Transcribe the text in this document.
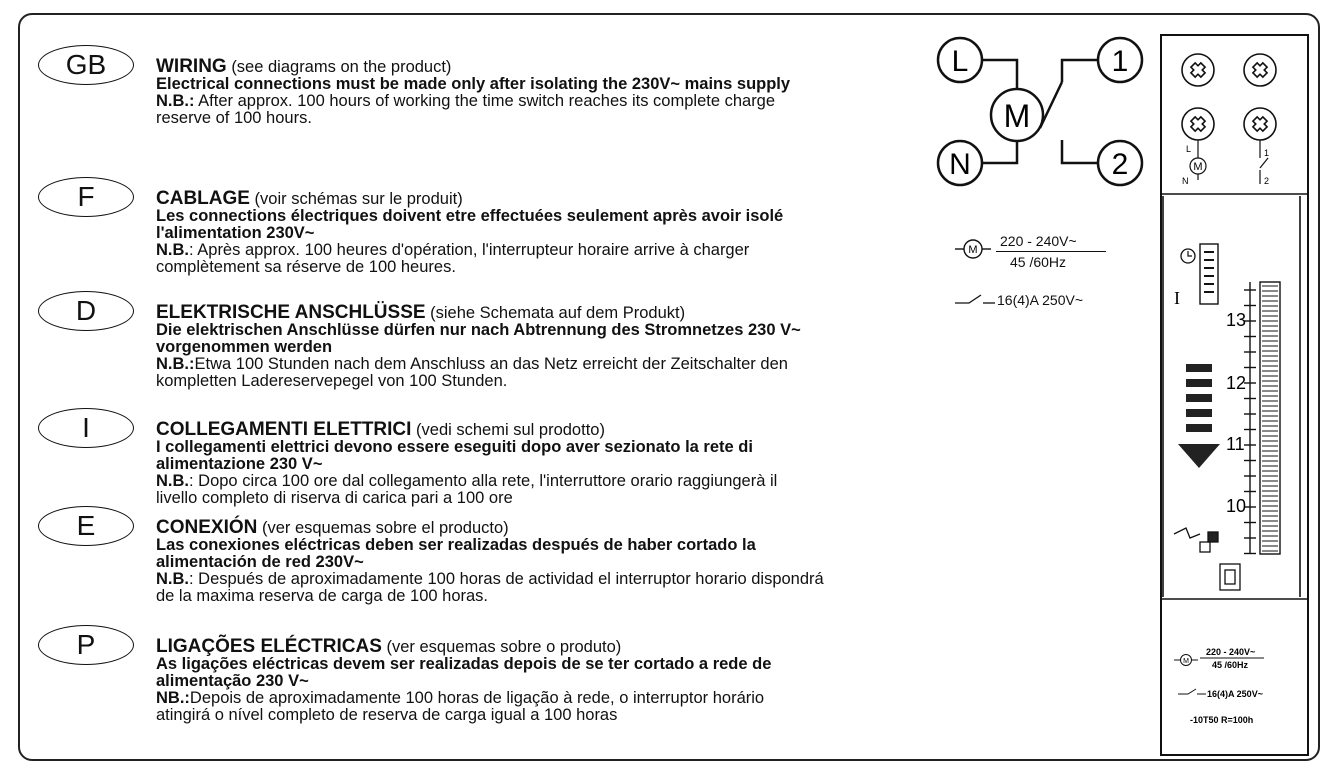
GB	WIRING (see diagrams on the product)
Electrical connections must be made only after isolating the 230V~ mains supply
N.B.: After approx. 100 hours of working the time switch reaches its complete charge
reserve of 100 hours.
F	CABLAGE (voir schémas sur le produit)
Les connections électriques doivent etre effectuées seulement après avoir isolé
l'alimentation 230V~
N.B.: Après approx. 100 heures d'opération, l'interrupteur horaire arrive à charger
complètement sa réserve de 100 heures.
D	ELEKTRISCHE ANSCHLÜSSE (siehe Schemata auf dem Produkt)
Die elektrischen Anschlüsse dürfen nur nach Abtrennung des Stromnetzes 230 V~
vorgenommen werden
N.B.:Etwa 100 Stunden nach dem Anschluss an das Netz erreicht der Zeitschalter den
kompletten Ladereservepegel von 100 Stunden.
I	COLLEGAMENTI ELETTRICI (vedi schemi sul prodotto)
I collegamenti elettrici devono essere eseguiti dopo aver sezionato la rete di
alimentazione 230 V~
N.B.: Dopo circa 100 ore dal collegamento alla rete, l'interruttore orario raggiungerà il
livello completo di riserva di carica pari a 100 ore
E	CONEXIÓN (ver esquemas sobre el producto)
Las conexiones eléctricas deben ser realizadas después de haber cortado la
alimentación de red 230V~
N.B.: Después de aproximadamente 100 horas de actividad el interruptor horario dispondrá
de la maxima reserva de carga de 100 horas.
P	LIGAÇÕES ELÉCTRICAS (ver esquemas sobre o produto)
As ligações eléctricas devem ser realizadas depois de se ter cortado a rede de
alimentação 230 V~
NB.:Depois de aproximadamente 100 horas de ligação à rede, o interruptor horário
atingirá o nível completo de reserva de carga igual a 100 horas
L
M
N
1
2
M
220 - 240V~
45 /60Hz
16(4)A 250V~
M
L
N
1
2
I
13
12
11
10
M
220 - 240V~
45 /60Hz
16(4)A 250V~
-10T50 R=100h
